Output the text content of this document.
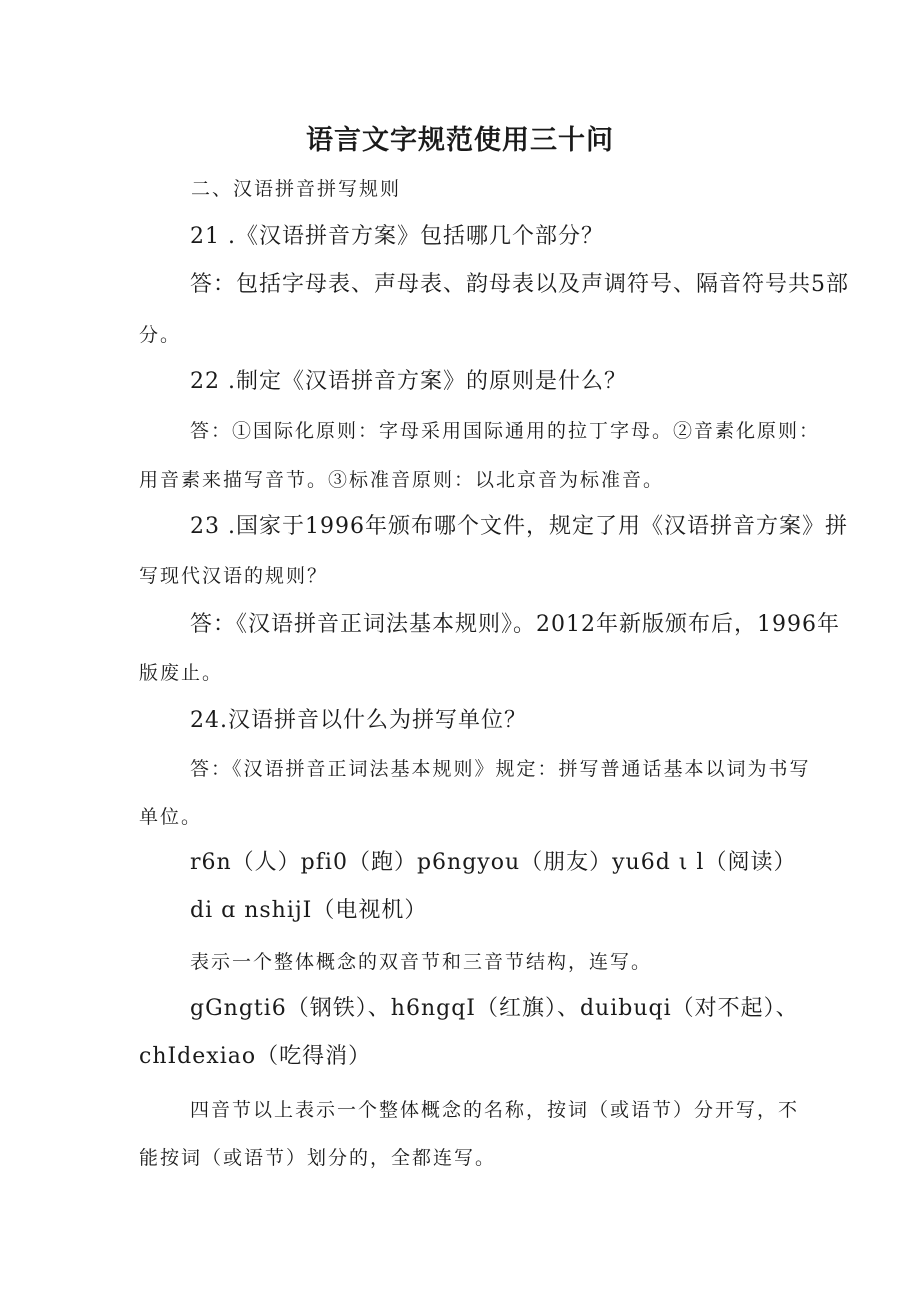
语言文字规范使用三十问
二、汉语拼音拼写规则
21 .《汉语拼音方案》包括哪几个部分？
答：包括字母表、声母表、韵母表以及声调符号、隔音符号共5部
分。
22 .制定《汉语拼音方案》的原则是什么？
答：①国际化原则：字母采用国际通用的拉丁字母。②音素化原则：
用音素来描写音节。③标准音原则：以北京音为标准音。
23 .国家于1996年颁布哪个文件，规定了用《汉语拼音方案》拼
写现代汉语的规则？
答：《汉语拼音正词法基本规则》。2012年新版颁布后，1996年
版废止。
24.汉语拼音以什么为拼写单位？
答：《汉语拼音正词法基本规则》规定：拼写普通话基本以词为书写
单位。
r6n（人）pfi0（跑）p6ngyou（朋友）yu6d ι l（阅读）
di ɑ nshijI（电视机）
表示一个整体概念的双音节和三音节结构，连写。
gGngti6（钢铁）、h6ngqΙ（红旗）、duibuqi（对不起）、
chIdexiao（吃得消）
四音节以上表示一个整体概念的名称，按词（或语节）分开写，不
能按词（或语节）划分的，全都连写。
